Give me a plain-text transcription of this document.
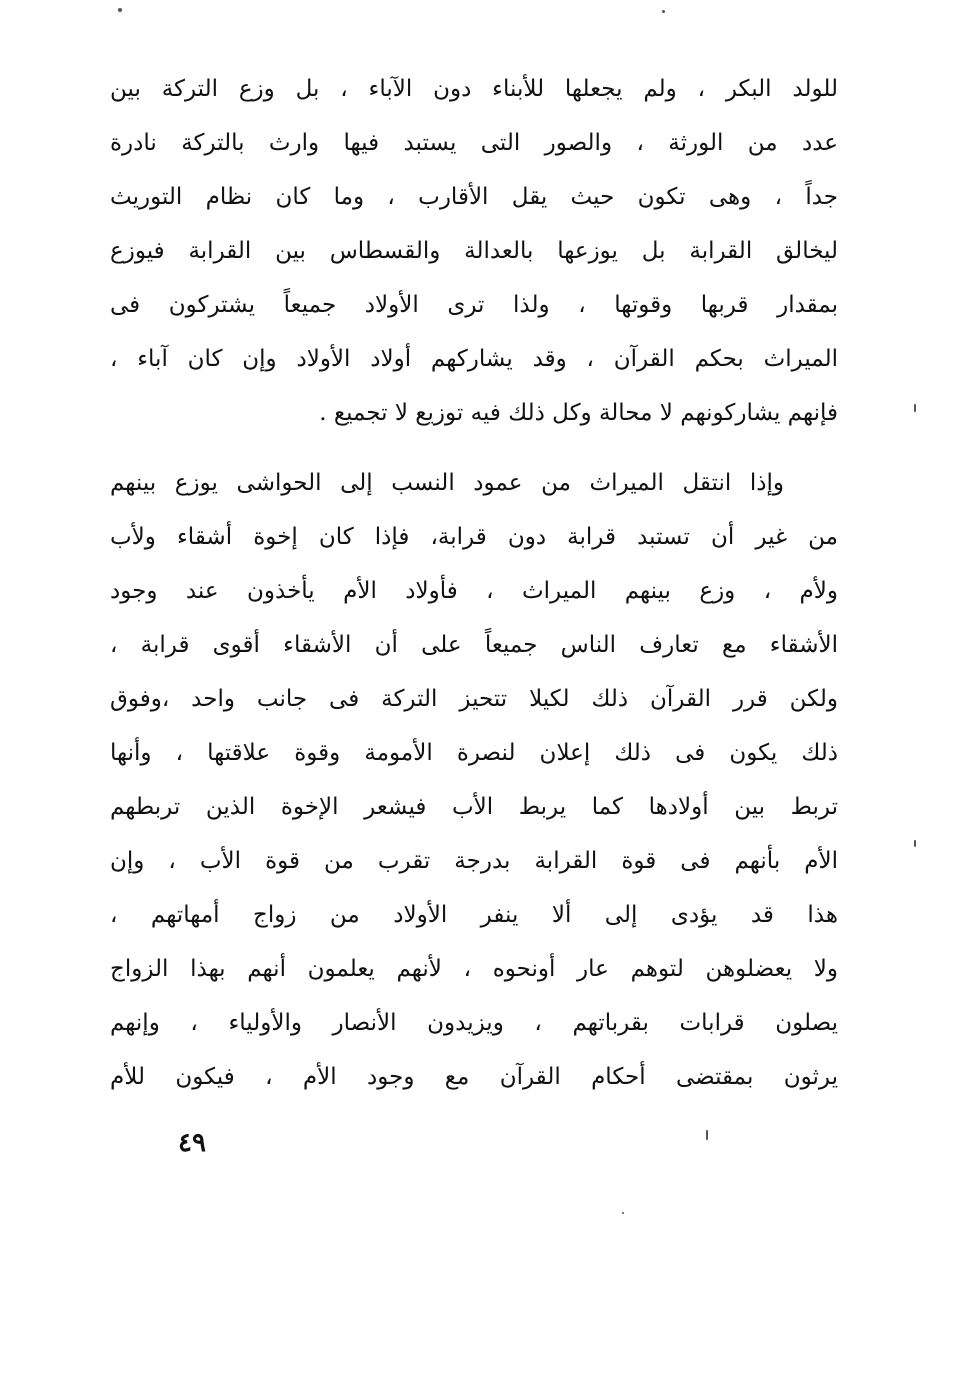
للولد البكر ، ولم يجعلها للأبناء دون الآباء ، بل وزع التركة بين
عدد من الورثة ، والصور التى يستبد فيها وارث بالتركة نادرة
جداً ، وهى تكون حيث يقل الأقارب ، وما كان نظام التوريث
ليخالق القرابة بل يوزعها بالعدالة والقسطاس بين القرابة فيوزع
بمقدار قربها وقوتها ، ولذا ترى الأولاد جميعاً يشتركون فى
الميراث بحكم القرآن ، وقد يشاركهم أولاد الأولاد وإن كان آباء ،
فإنهم يشاركونهم لا محالة وكل ذلك فيه توزيع لا تجميع .
وإذا انتقل الميراث من عمود النسب إلى الحواشى يوزع بينهم
من غير أن تستبد قرابة دون قرابة، فإذا كان إخوة أشقاء ولأب
ولأم ، وزع بينهم الميراث ، فأولاد الأم يأخذون عند وجود
الأشقاء مع تعارف الناس جميعاً على أن الأشقاء أقوى قرابة ،
ولكن قرر القرآن ذلك لكيلا تتحيز التركة فى جانب واحد ،وفوق
ذلك يكون فى ذلك إعلان لنصرة الأمومة وقوة علاقتها ، وأنها
تربط بين أولادها كما يربط الأب فيشعر الإخوة الذين تربطهم
الأم بأنهم فى قوة القرابة بدرجة تقرب من قوة الأب ، وإن
هذا قد يؤدى إلى ألا ينفر الأولاد من زواج أمهاتهم ،
ولا يعضلوهن لتوهم عار أونحوه ، لأنهم يعلمون أنهم بهذا الزواج
يصلون قرابات بقرباتهم ، ويزيدون الأنصار والأولياء ، وإنهم
يرثون بمقتضى أحكام القرآن مع وجود الأم ، فيكون للأم
٤٩
